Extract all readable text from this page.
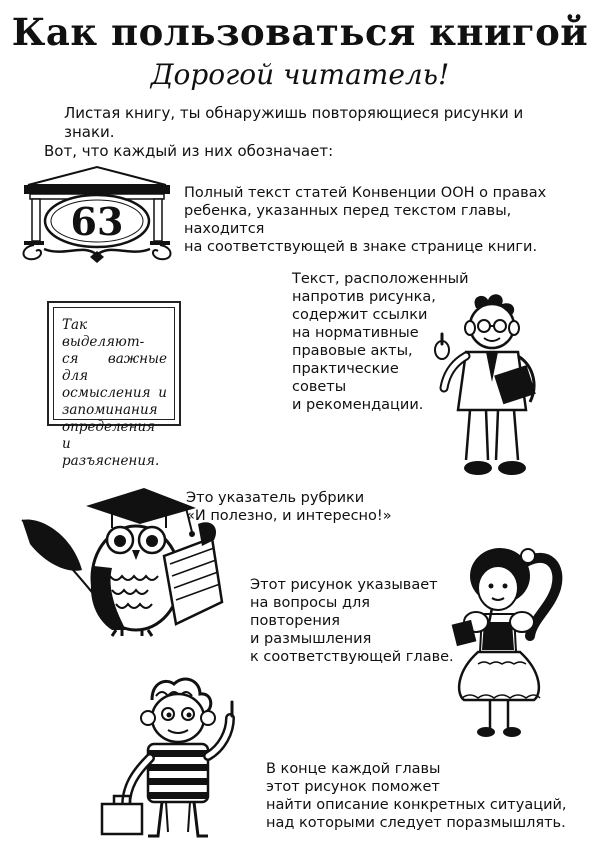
Как пользоваться книгой
Дорогой читатель!
Листая книгу, ты обнаружишь повторяющиеся рисунки и знаки.
Вот, что каждый из них обозначает:
63
Полный текст статей Конвенции ООН о правах
ребенка, указанных перед текстом главы, находится
на соответствующей в знаке странице книги.
Так выделяют-
ся важные для
осмысления и
запоминания
определения и
разъяснения.
Текст, расположенный
напротив рисунка,
содержит ссылки
на нормативные
правовые акты,
практические
советы
и рекомендации.
Это указатель рубрики
«И полезно, и интересно!»
Этот рисунок указывает
на вопросы для повторения
и размышления
к соответствующей главе.
В конце каждой главы
этот рисунок поможет
найти описание конкретных ситуаций,
над которыми следует поразмышлять.
